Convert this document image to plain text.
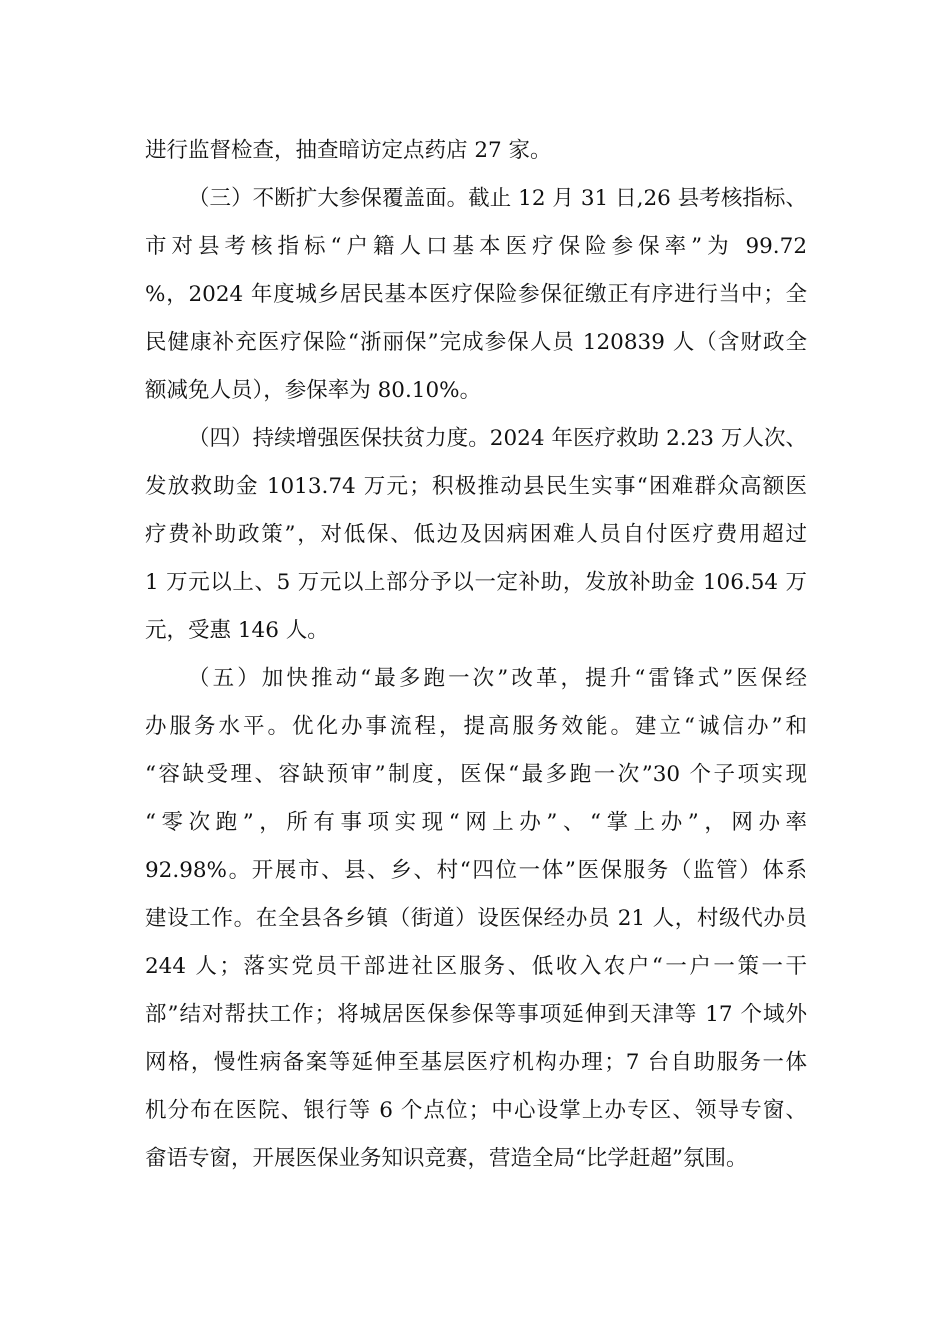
进行监督检查，抽查暗访定点药店 27 家。
（三）不断扩大参保覆盖面。截止 12 月 31 日,26 县考核指标、
市对县考核指标“户籍人口基本医疗保险参保率”为 99.72
%，2024 年度城乡居民基本医疗保险参保征缴正有序进行当中；全
民健康补充医疗保险“浙丽保”完成参保人员 120839 人（含财政全
额减免人员），参保率为 80.10%。
（四）持续增强医保扶贫力度。2024 年医疗救助 2.23 万人次、
发放救助金 1013.74 万元；积极推动县民生实事“困难群众高额医
疗费补助政策”，对低保、低边及因病困难人员自付医疗费用超过
1 万元以上、5 万元以上部分予以一定补助，发放补助金 106.54 万
元，受惠 146 人。
（五）加快推动“最多跑一次”改革，提升“雷锋式”医保经
办服务水平。优化办事流程，提高服务效能。建立“诚信办”和
“容缺受理、容缺预审”制度，医保“最多跑一次”30 个子项实现
“零次跑”，所有事项实现“网上办”、“掌上办”，网办率
92.98%。开展市、县、乡、村“四位一体”医保服务（监管）体系
建设工作。在全县各乡镇（街道）设医保经办员 21 人，村级代办员
244 人；落实党员干部进社区服务、低收入农户“一户一策一干
部”结对帮扶工作；将城居医保参保等事项延伸到天津等 17 个域外
网格，慢性病备案等延伸至基层医疗机构办理；7 台自助服务一体
机分布在医院、银行等 6 个点位；中心设掌上办专区、领导专窗、
畲语专窗，开展医保业务知识竞赛，营造全局“比学赶超”氛围。
